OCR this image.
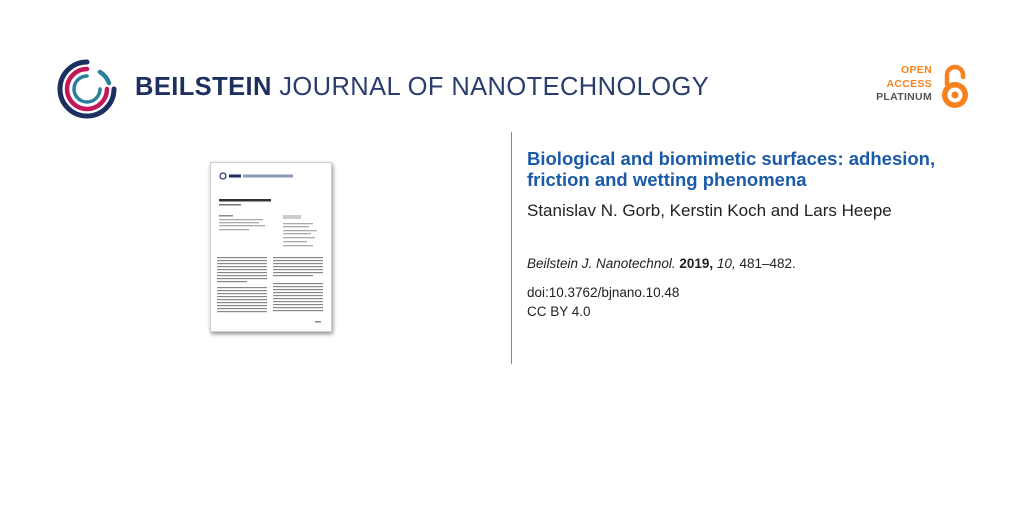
BEILSTEIN JOURNAL OF NANOTECHNOLOGY
OPEN
ACCESS
PLATINUM
Biological and biomimetic surfaces: adhesion, friction and wetting phenomena
Stanislav N. Gorb, Kerstin Koch and Lars Heepe
Beilstein J. Nanotechnol. 2019, 10, 481–482.
doi:10.3762/bjnano.10.48
CC BY 4.0
